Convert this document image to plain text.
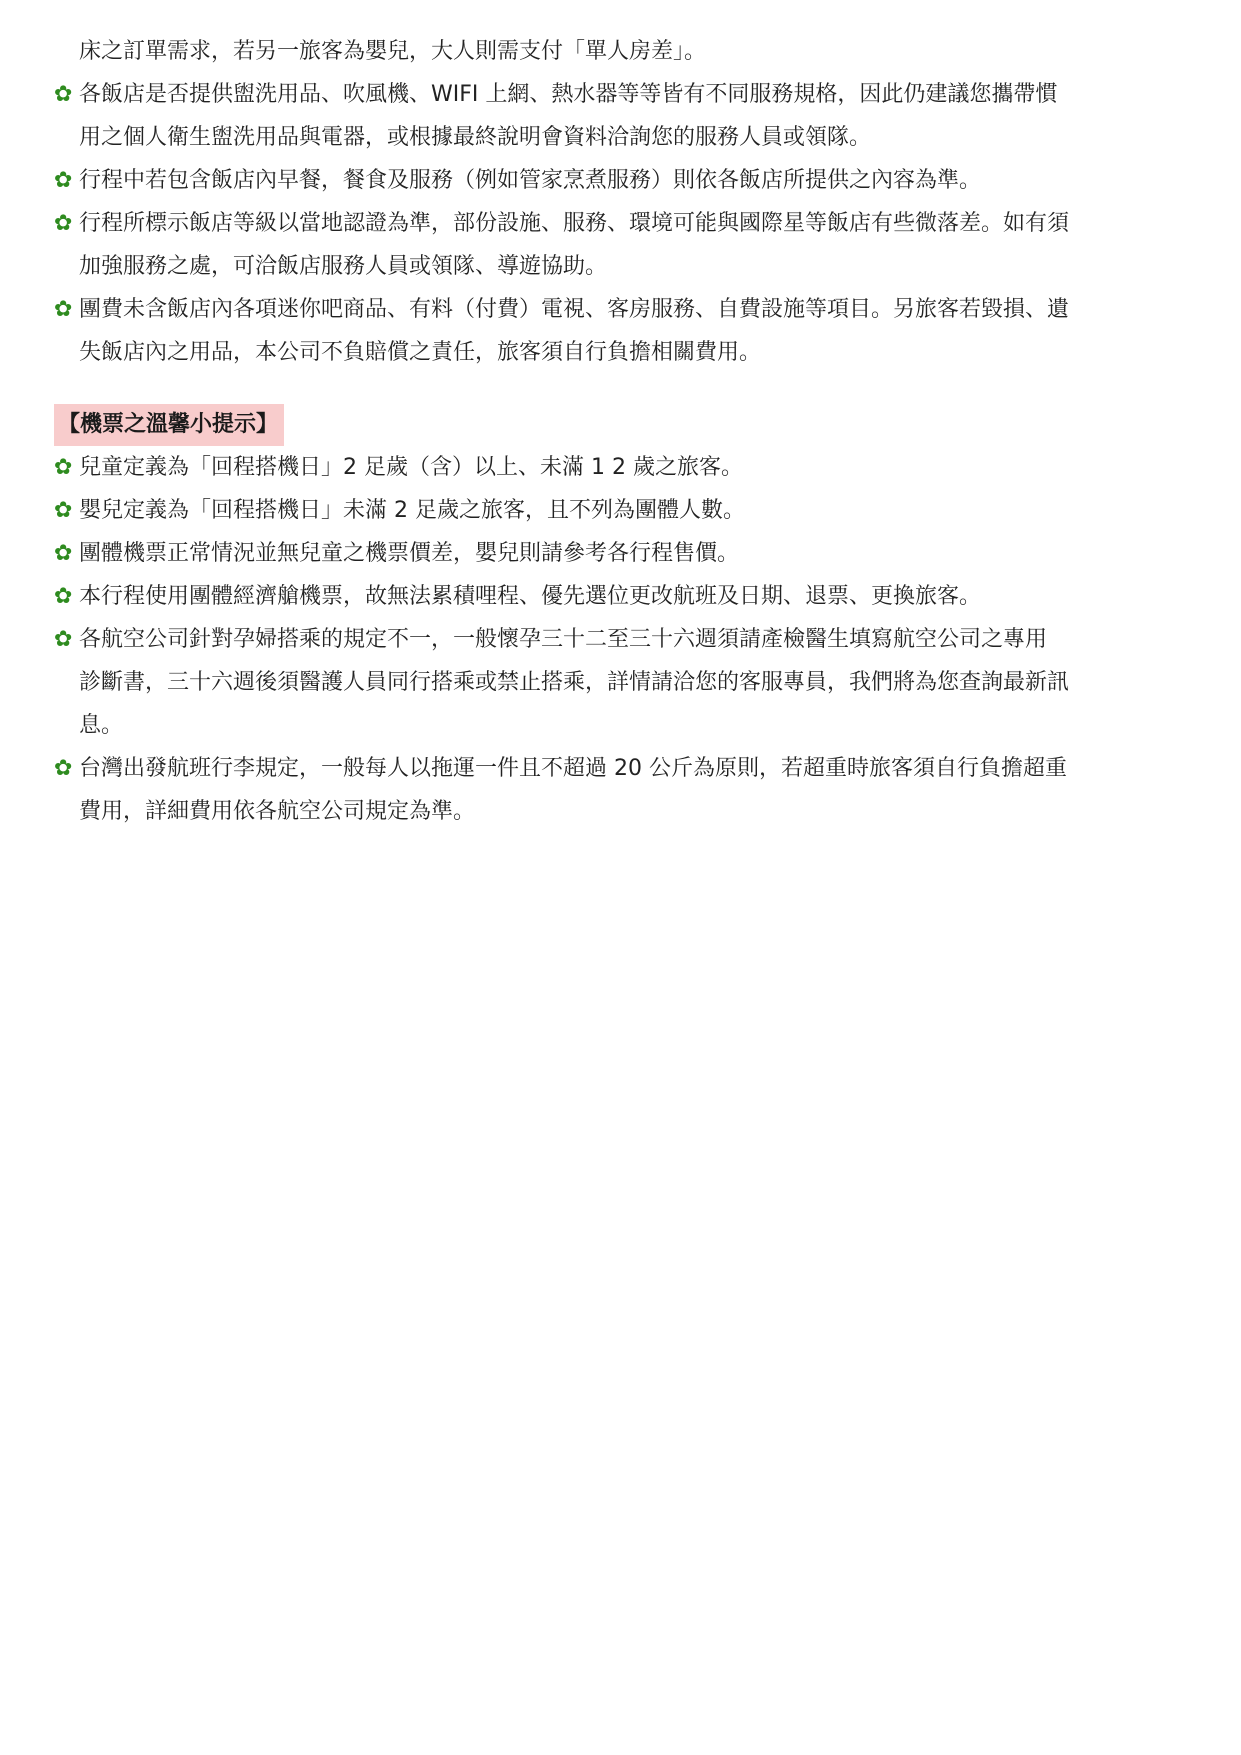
床之訂單需求，若另一旅客為嬰兒，大人則需支付「單人房差」。
✿ 各飯店是否提供盥洗用品、吹風機、WIFI 上網、熱水器等等皆有不同服務規格，因此仍建議您攜帶慣
用之個人衛生盥洗用品與電器，或根據最終說明會資料洽詢您的服務人員或領隊。
✿ 行程中若包含飯店內早餐，餐食及服務（例如管家烹煮服務）則依各飯店所提供之內容為準。
✿ 行程所標示飯店等級以當地認證為準，部份設施、服務、環境可能與國際星等飯店有些微落差。如有須
加強服務之處，可洽飯店服務人員或領隊、導遊協助。
✿ 團費未含飯店內各項迷你吧商品、有料（付費）電視、客房服務、自費設施等項目。另旅客若毀損、遺
失飯店內之用品，本公司不負賠償之責任，旅客須自行負擔相關費用。
【機票之溫馨小提示】
✿ 兒童定義為「回程搭機日」2 足歲（含）以上、未滿 1 2 歲之旅客。
✿ 嬰兒定義為「回程搭機日」未滿 2 足歲之旅客，且不列為團體人數。
✿ 團體機票正常情況並無兒童之機票價差，嬰兒則請參考各行程售價。
✿ 本行程使用團體經濟艙機票，故無法累積哩程、優先選位更改航班及日期、退票、更換旅客。
✿ 各航空公司針對孕婦搭乘的規定不一，一般懷孕三十二至三十六週須請產檢醫生填寫航空公司之專用
診斷書，三十六週後須醫護人員同行搭乘或禁止搭乘，詳情請洽您的客服專員，我們將為您查詢最新訊
息。
✿ 台灣出發航班行李規定，一般每人以拖運一件且不超過 20 公斤為原則，若超重時旅客須自行負擔超重
費用，詳細費用依各航空公司規定為準。
